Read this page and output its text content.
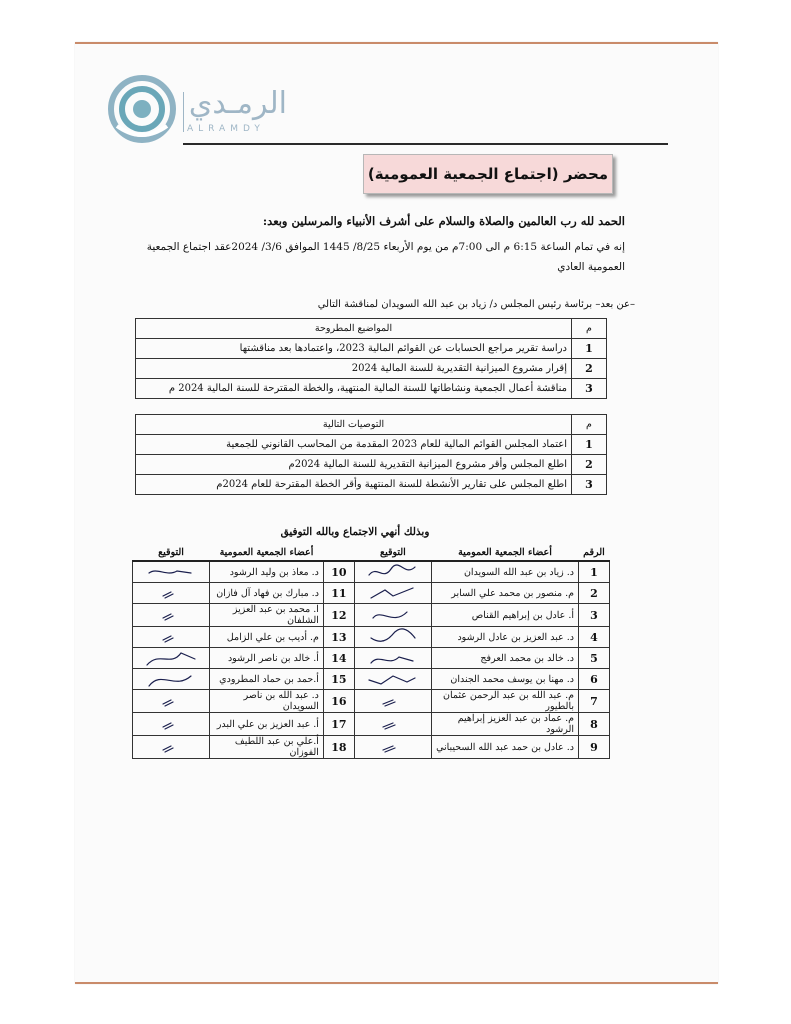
الرمـدي
ALRAMDY
محضر (اجتماع الجمعية العمومية)
الحمد لله رب العالمين والصلاة والسلام على أشرف الأنبياء والمرسلين وبعد:
إنه في تمام الساعة 6:15 م الى 7:00م من يوم الأربعاء 8/25/ 1445 الموافق 3/6/ 2024عقد اجتماع الجمعية العمومية العادي
–عن بعد– برئاسة رئيس المجلس د/ زياد بن عبد الله السويدان لمناقشة التالي
م	المواضيع المطروحة
1	دراسة تقرير مراجع الحسابات عن القوائم المالية 2023، واعتمادها بعد مناقشتها
2	إقرار مشروع الميزانية التقديرية للسنة المالية 2024
3	مناقشة أعمال الجمعية ونشاطاتها للسنة المالية المنتهية، والخطة المقترحة للسنة المالية 2024 م
م	التوصيات التالية
1	اعتماد المجلس القوائم المالية للعام 2023 المقدمة من المحاسب القانوني للجمعية
2	اطلع المجلس وأقر مشروع الميزانية التقديرية للسنة المالية 2024م
3	اطلع المجلس على تقارير الأنشطة للسنة المنتهية وأقر الخطة المقترحة للعام 2024م
وبذلك أنهي الاجتماع وبالله التوفيق
الرقم	أعضاء الجمعية العمومية	التوقيع		أعضاء الجمعية العمومية	التوقيع
1	د. زياد بن عبد الله السويدان		10	د. معاذ بن وليد الرشود	

2	م. منصور بن محمد علي السابر		11	د. مبارك بن فهاد آل فازان	

3	أ. عادل بن إبراهيم القناص		12	ا. محمد بن عبد العزيز الشلفان	

4	د. عبد العزيز بن عادل الرشود		13	م. أديب بن علي الزامل	

5	د. خالد بن محمد العرفج		14	أ. خالد بن ناصر الرشود	

6	د. مهنا بن يوسف محمد الجندان		15	أ.حمد بن حماد المطرودي	

7	م. عبد الله بن عبد الرحمن عثمان بالطيور		16	د. عبد الله بن ناصر السويدان	

8	م. عماد بن عبد العزيز إبراهيم الرشود		17	أ. عبد العزيز بن علي البدر	

9	د. عادل بن حمد عبد الله السحيباني		18	أ.علي بن عبد اللطيف الفوزان	
